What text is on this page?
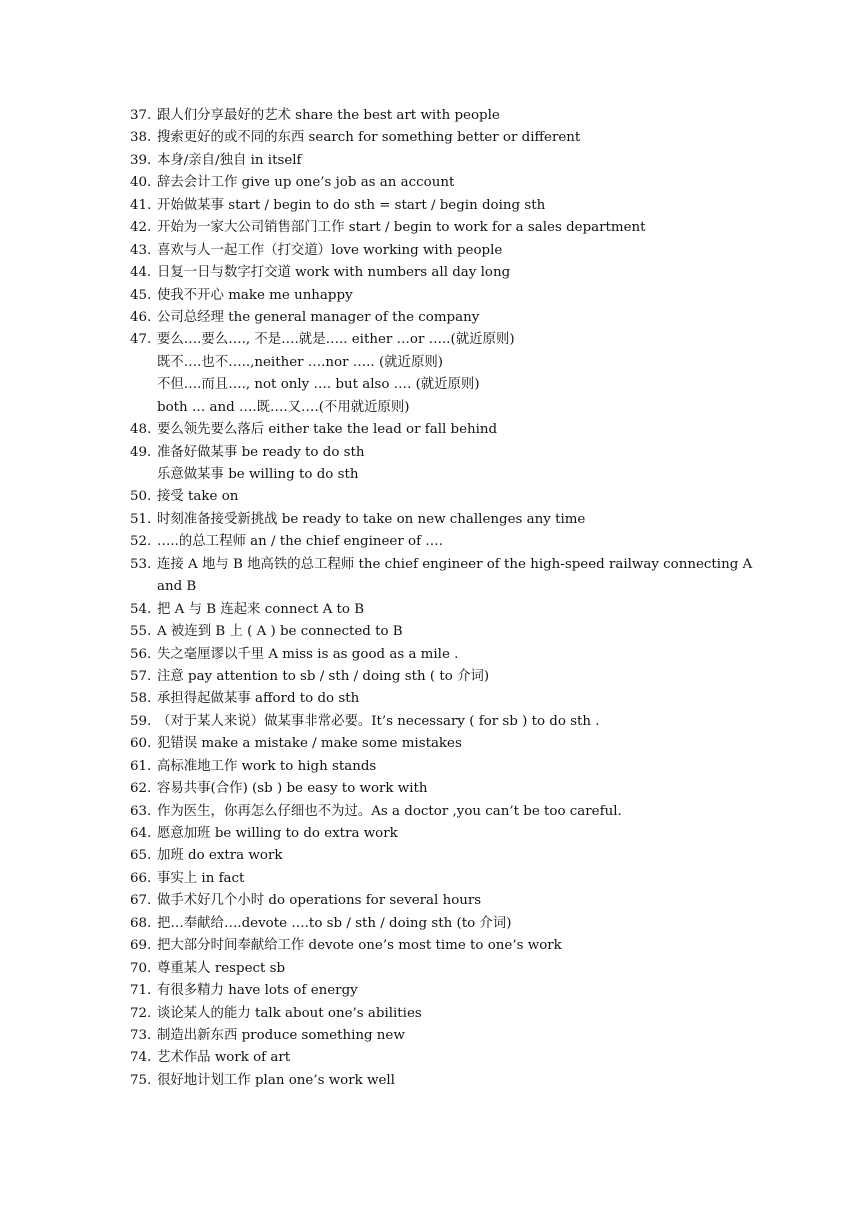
37. 跟人们分享最好的艺术 share the best art with people
38. 搜索更好的或不同的东西 search for something better or different
39. 本身/亲自/独自 in itself
40. 辞去会计工作 give up one’s job as an account
41. 开始做某事 start / begin to do sth = start / begin doing sth
42. 开始为一家大公司销售部门工作 start / begin to work for a sales department
43. 喜欢与人一起工作（打交道）love working with people
44. 日复一日与数字打交道 work with numbers all day long
45. 使我不开心 make me unhappy
46. 公司总经理 the general manager of the company
47. 要么….要么…., 不是….就是….. either …or …..(就近原则)
既不….也不…..,neither ….nor ….. (就近原则)
不但….而且…., not only …. but also …. (就近原则)
both … and ….既….又….(不用就近原则)
48. 要么领先要么落后 either take the lead or fall behind
49. 准备好做某事 be ready to do sth
乐意做某事 be willing to do sth
50. 接受 take on
51. 时刻准备接受新挑战 be ready to take on new challenges any time
52. …..的总工程师 an / the chief engineer of ….
53. 连接 A 地与 B 地高铁的总工程师 the chief engineer of the high-speed railway connecting A
and B
54. 把 A 与 B 连起来 connect A to B
55. A 被连到 B 上 ( A ) be connected to B
56. 失之毫厘谬以千里 A miss is as good as a mile .
57. 注意 pay attention to sb / sth / doing sth ( to 介词)
58. 承担得起做某事 afford to do sth
59. （对于某人来说）做某事非常必要。It’s necessary ( for sb ) to do sth .
60. 犯错误 make a mistake / make some mistakes
61. 高标准地工作 work to high stands
62. 容易共事(合作) (sb ) be easy to work with
63. 作为医生，你再怎么仔细也不为过。As a doctor ,you can’t be too careful.
64. 愿意加班 be willing to do extra work
65. 加班 do extra work
66. 事实上 in fact
67. 做手术好几个小时 do operations for several hours
68. 把…奉献给….devote ….to sb / sth / doing sth (to 介词)
69. 把大部分时间奉献给工作 devote one’s most time to one’s work
70. 尊重某人 respect sb
71. 有很多精力 have lots of energy
72. 谈论某人的能力 talk about one’s abilities
73. 制造出新东西 produce something new
74. 艺术作品 work of art
75. 很好地计划工作 plan one’s work well
